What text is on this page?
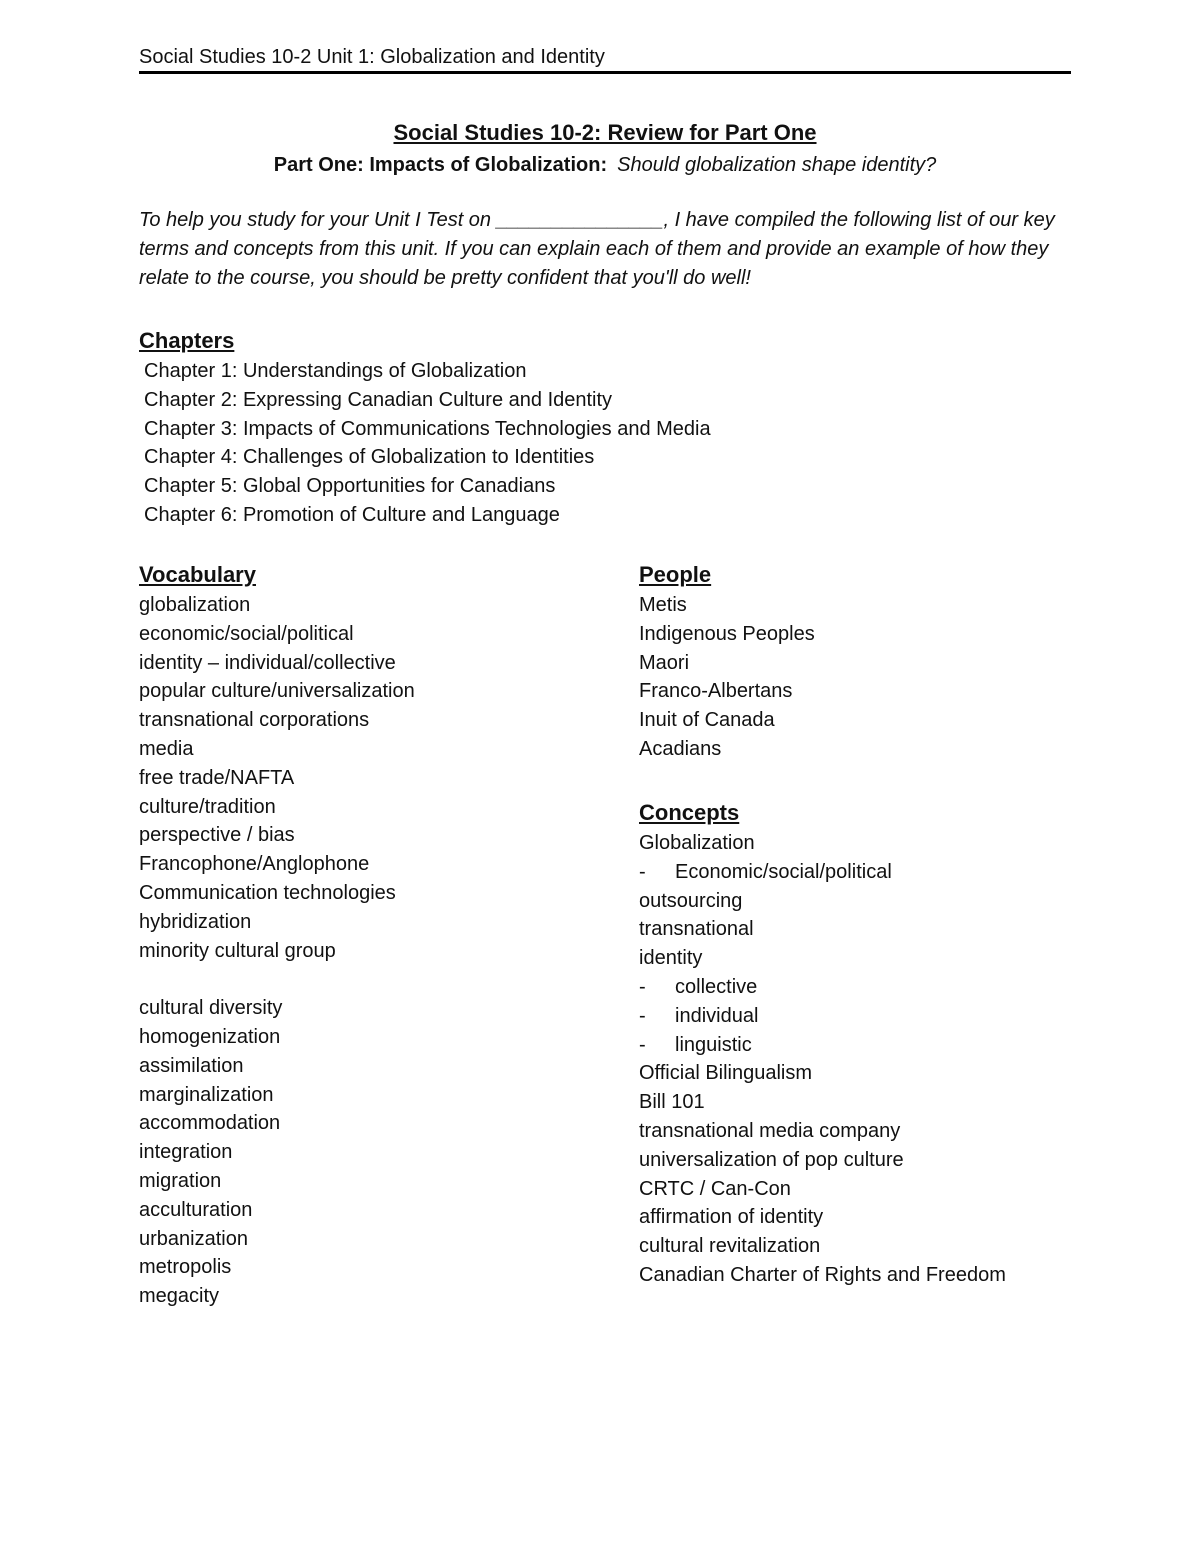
Social Studies 10-2 Unit 1: Globalization and Identity
Social Studies 10-2: Review for Part One
Part One: Impacts of Globalization: Should globalization shape identity?

To help you study for your Unit I Test on _______________, I have compiled the following list of our key terms and concepts from this unit. If you can explain each of them and provide an example of how they relate to the course, you should be pretty confident that you'll do well!

Chapters
Chapter 1: Understandings of Globalization
Chapter 2: Expressing Canadian Culture and Identity
Chapter 3: Impacts of Communications Technologies and Media
Chapter 4: Challenges of Globalization to Identities
Chapter 5: Global Opportunities for Canadians
Chapter 6: Promotion of Culture and Language
Vocabulary
globalization
economic/social/political
identity – individual/collective
popular culture/universalization
transnational corporations
media
free trade/NAFTA
culture/tradition
perspective / bias
Francophone/Anglophone
Communication technologies
hybridization
minority cultural group
cultural diversity
homogenization
assimilation
marginalization
accommodation
integration
migration
acculturation
urbanization
metropolis
megacity
People
Metis
Indigenous Peoples
Maori
Franco-Albertans
Inuit of Canada
Acadians
Concepts
Globalization
- Economic/social/political
outsourcing
transnational
identity
- collective
- individual
- linguistic
Official Bilingualism
Bill 101
transnational media company
universalization of pop culture
CRTC / Can-Con
affirmation of identity
cultural revitalization
Canadian Charter of Rights and Freedom
